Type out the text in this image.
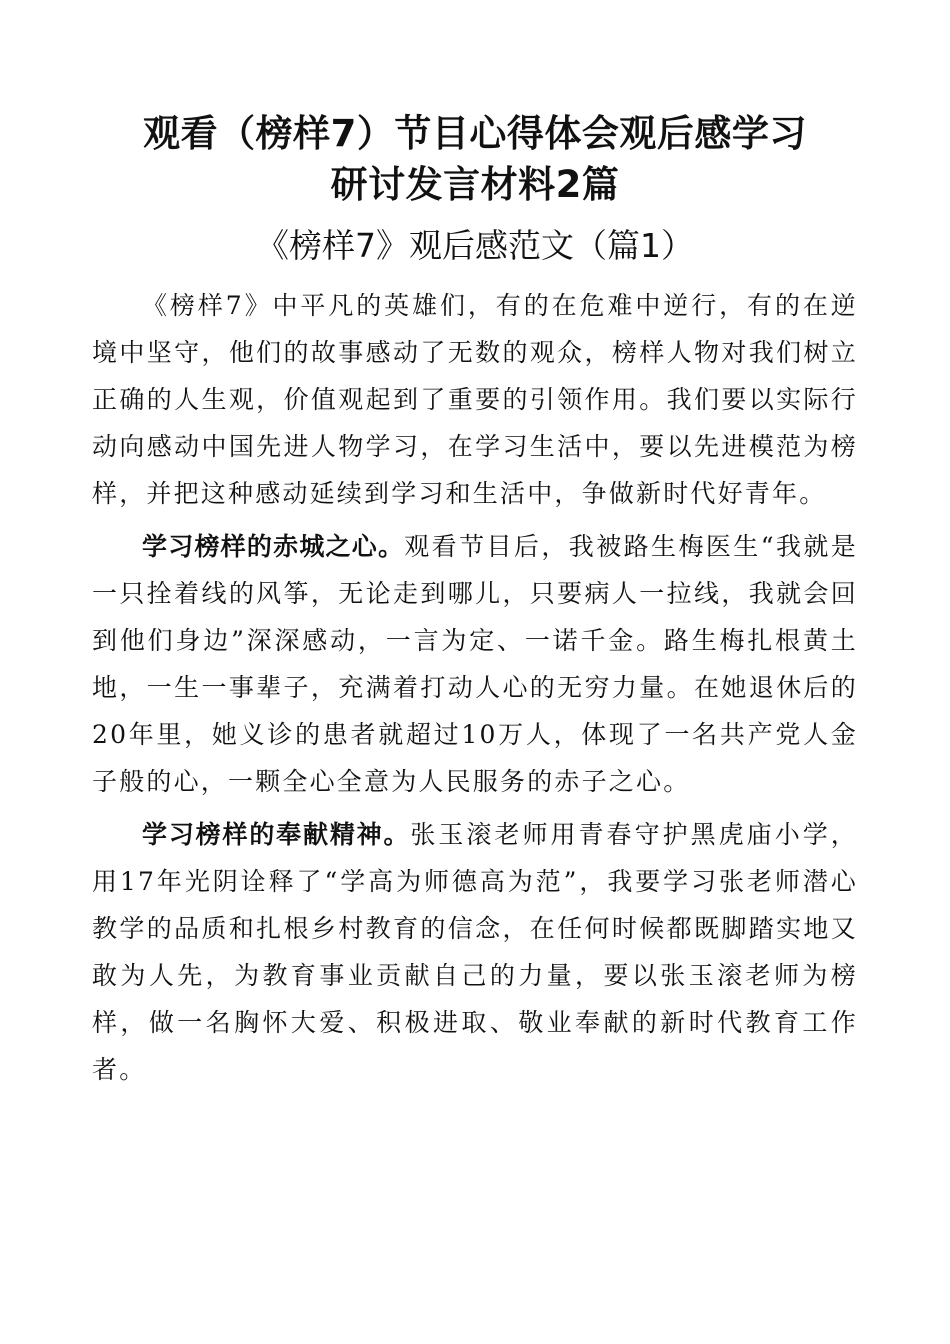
观看（榜样7）节目心得体会观后感学习
研讨发言材料2篇
《榜样7》观后感范文（篇1）

《榜样7》中平凡的英雄们，有的在危难中逆行，有的在逆境中坚守，他们的故事感动了无数的观众，榜样人物对我们树立正确的人生观，价值观起到了重要的引领作用。我们要以实际行动向感动中国先进人物学习，在学习生活中，要以先进模范为榜样，并把这种感动延续到学习和生活中，争做新时代好青年。

学习榜样的赤城之心。观看节目后，我被路生梅医生“我就是一只拴着线的风筝，无论走到哪儿，只要病人一拉线，我就会回到他们身边”深深感动，一言为定、一诺千金。路生梅扎根黄土地，一生一事辈子，充满着打动人心的无穷力量。在她退休后的20年里，她义诊的患者就超过10万人，体现了一名共产党人金子般的心，一颗全心全意为人民服务的赤子之心。

学习榜样的奉献精神。张玉滚老师用青春守护黑虎庙小学，用17年光阴诠释了“学高为师德高为范”，我要学习张老师潜心教学的品质和扎根乡村教育的信念，在任何时候都既脚踏实地又敢为人先，为教育事业贡献自己的力量，要以张玉滚老师为榜样，做一名胸怀大爱、积极进取、敬业奉献的新时代教育工作者。
